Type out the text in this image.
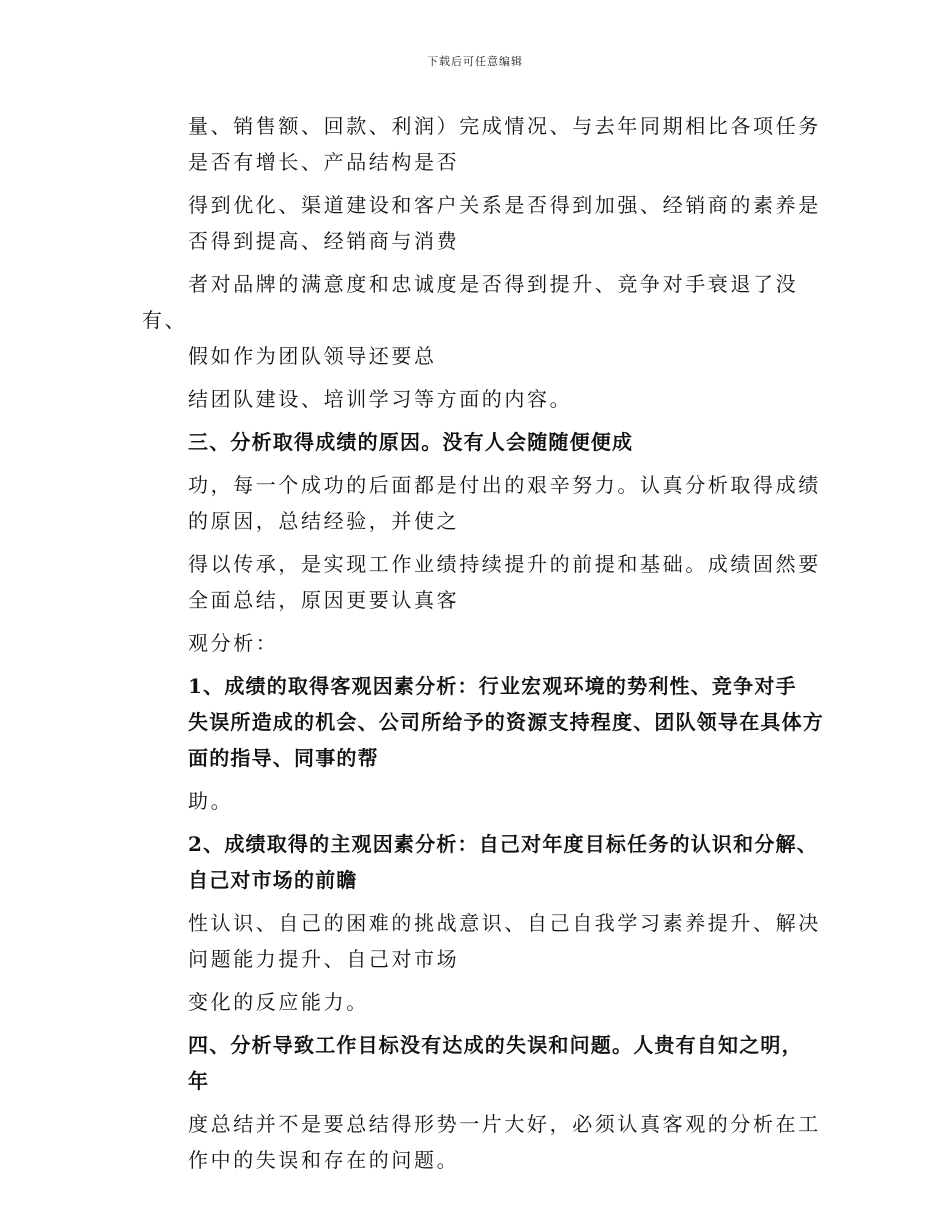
下载后可任意编辑

量、销售额、回款、利润）完成情况、与去年同期相比各项任务
是否有增长、产品结构是否

得到优化、渠道建设和客户关系是否得到加强、经销商的素养是
否得到提高、经销商与消费

者对品牌的满意度和忠诚度是否得到提升、竞争对手衰退了没有、
假如作为团队领导还要总

结团队建设、培训学习等方面的内容。

三、分析取得成绩的原因。没有人会随随便便成

功，每一个成功的后面都是付出的艰辛努力。认真分析取得成绩
的原因，总结经验，并使之

得以传承，是实现工作业绩持续提升的前提和基础。成绩固然要
全面总结，原因更要认真客

观分析：

1、成绩的取得客观因素分析：行业宏观环境的势利性、竞争对手
失误所造成的机会、公司所给予的资源支持程度、团队领导在具体方
面的指导、同事的帮

助。

2、成绩取得的主观因素分析：自己对年度目标任务的认识和分解、
自己对市场的前瞻

性认识、自己的困难的挑战意识、自己自我学习素养提升、解决
问题能力提升、自己对市场

变化的反应能力。

四、分析导致工作目标没有达成的失误和问题。人贵有自知之明，
年

度总结并不是要总结得形势一片大好，必须认真客观的分析在工
作中的失误和存在的问题。
